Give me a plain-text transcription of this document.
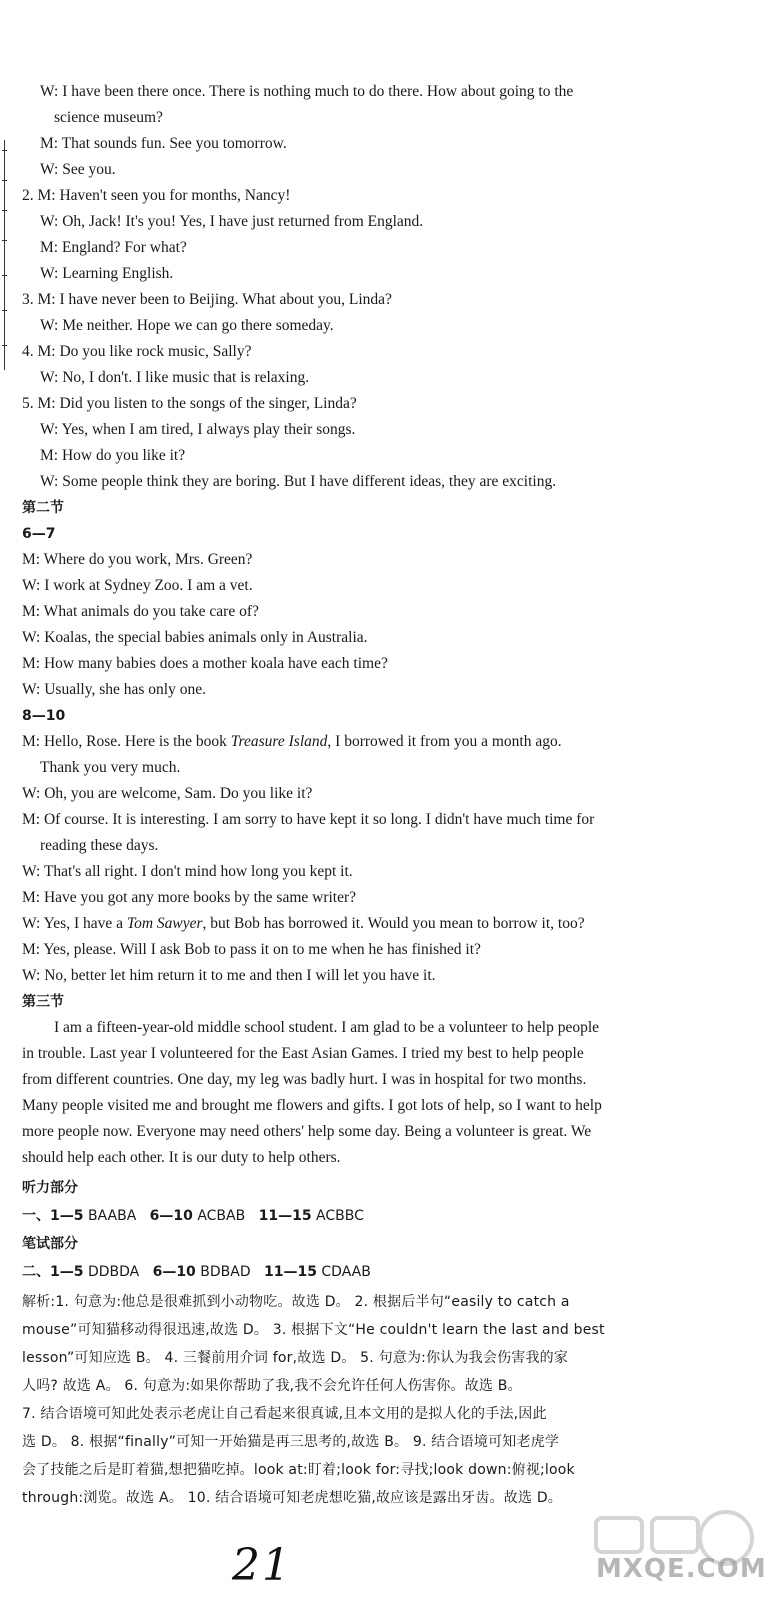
W: I have been there once. There is nothing much to do there. How about going to the
science museum?
M: That sounds fun. See you tomorrow.
W: See you.
2. M: Haven't seen you for months, Nancy!
W: Oh, Jack! It's you! Yes, I have just returned from England.
M: England? For what?
W: Learning English.
3. M: I have never been to Beijing. What about you, Linda?
W: Me neither. Hope we can go there someday.
4. M: Do you like rock music, Sally?
W: No, I don't. I like music that is relaxing.
5. M: Did you listen to the songs of the singer, Linda?
W: Yes, when I am tired, I always play their songs.
M: How do you like it?
W: Some people think they are boring. But I have different ideas, they are exciting.
第二节
6—7
M: Where do you work, Mrs. Green?
W: I work at Sydney Zoo. I am a vet.
M: What animals do you take care of?
W: Koalas, the special babies animals only in Australia.
M: How many babies does a mother koala have each time?
W: Usually, she has only one.
8—10
M: Hello, Rose. Here is the book Treasure Island, I borrowed it from you a month ago.
Thank you very much.
W: Oh, you are welcome, Sam. Do you like it?
M: Of course. It is interesting. I am sorry to have kept it so long. I didn't have much time for
reading these days.
W: That's all right. I don't mind how long you kept it.
M: Have you got any more books by the same writer?
W: Yes, I have a Tom Sawyer, but Bob has borrowed it. Would you mean to borrow it, too?
M: Yes, please. Will I ask Bob to pass it on to me when he has finished it?
W: No, better let him return it to me and then I will let you have it.
第三节
I am a fifteen-year-old middle school student. I am glad to be a volunteer to help people
in trouble. Last year I volunteered for the East Asian Games. I tried my best to help people
from different countries. One day, my leg was badly hurt. I was in hospital for two months.
Many people visited me and brought me flowers and gifts. I got lots of help, so I want to help
more people now. Everyone may need others' help some day. Being a volunteer is great. We
should help each other. It is our duty to help others.
听力部分
一、1—5 BAABA 6—10 ACBAB 11—15 ACBBC
笔试部分
二、1—5 DDBDA 6—10 BDBAD 11—15 CDAAB
解析:1. 句意为:他总是很难抓到小动物吃。故选 D。 2. 根据后半句“easily to catch a
mouse”可知猫移动得很迅速,故选 D。 3. 根据下文“He couldn't learn the last and best
lesson”可知应选 B。 4. 三餐前用介词 for,故选 D。 5. 句意为:你认为我会伤害我的家
人吗? 故选 A。 6. 句意为:如果你帮助了我,我不会允许任何人伤害你。故选 B。
7. 结合语境可知此处表示老虎让自己看起来很真诚,且本文用的是拟人化的手法,因此
选 D。 8. 根据“finally”可知一开始猫是再三思考的,故选 B。 9. 结合语境可知老虎学
会了技能之后是盯着猫,想把猫吃掉。look at:盯着;look for:寻找;look down:俯视;look
through:浏览。故选 A。 10. 结合语境可知老虎想吃猫,故应该是露出牙齿。故选 D。
21	MXQE.COM
